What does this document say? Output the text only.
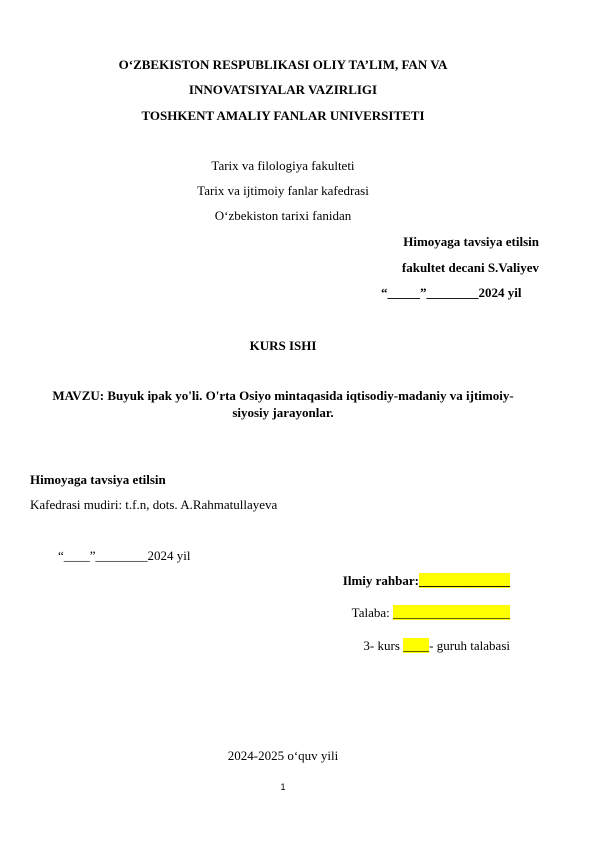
O‘ZBEKISTON RESPUBLIKASI OLIY TA’LIM, FAN VA
INNOVATSIYALAR VAZIRLIGI
TOSHKENT AMALIY FANLAR UNIVERSITETI
Tarix va filologiya fakulteti
Tarix va ijtimoiy fanlar kafedrasi
O‘zbekiston tarixi fanidan
Himoyaga tavsiya etilsin
fakultet decani S.Valiyev
“_____”________2024 yil
KURS ISHI
MAVZU: Buyuk ipak yo'li. O'rta Osiyo mintaqasida iqtisodiy-madaniy va ijtimoiy-
siyosiy jarayonlar.
Himoyaga tavsiya etilsin
Kafedrasi mudiri: t.f.n, dots. A.Rahmatullayeva
“____”________2024 yil
Ilmiy rahbar:______________
Talaba: __________________
3- kurs ____- guruh talabasi
2024-2025 o‘quv yili
1
